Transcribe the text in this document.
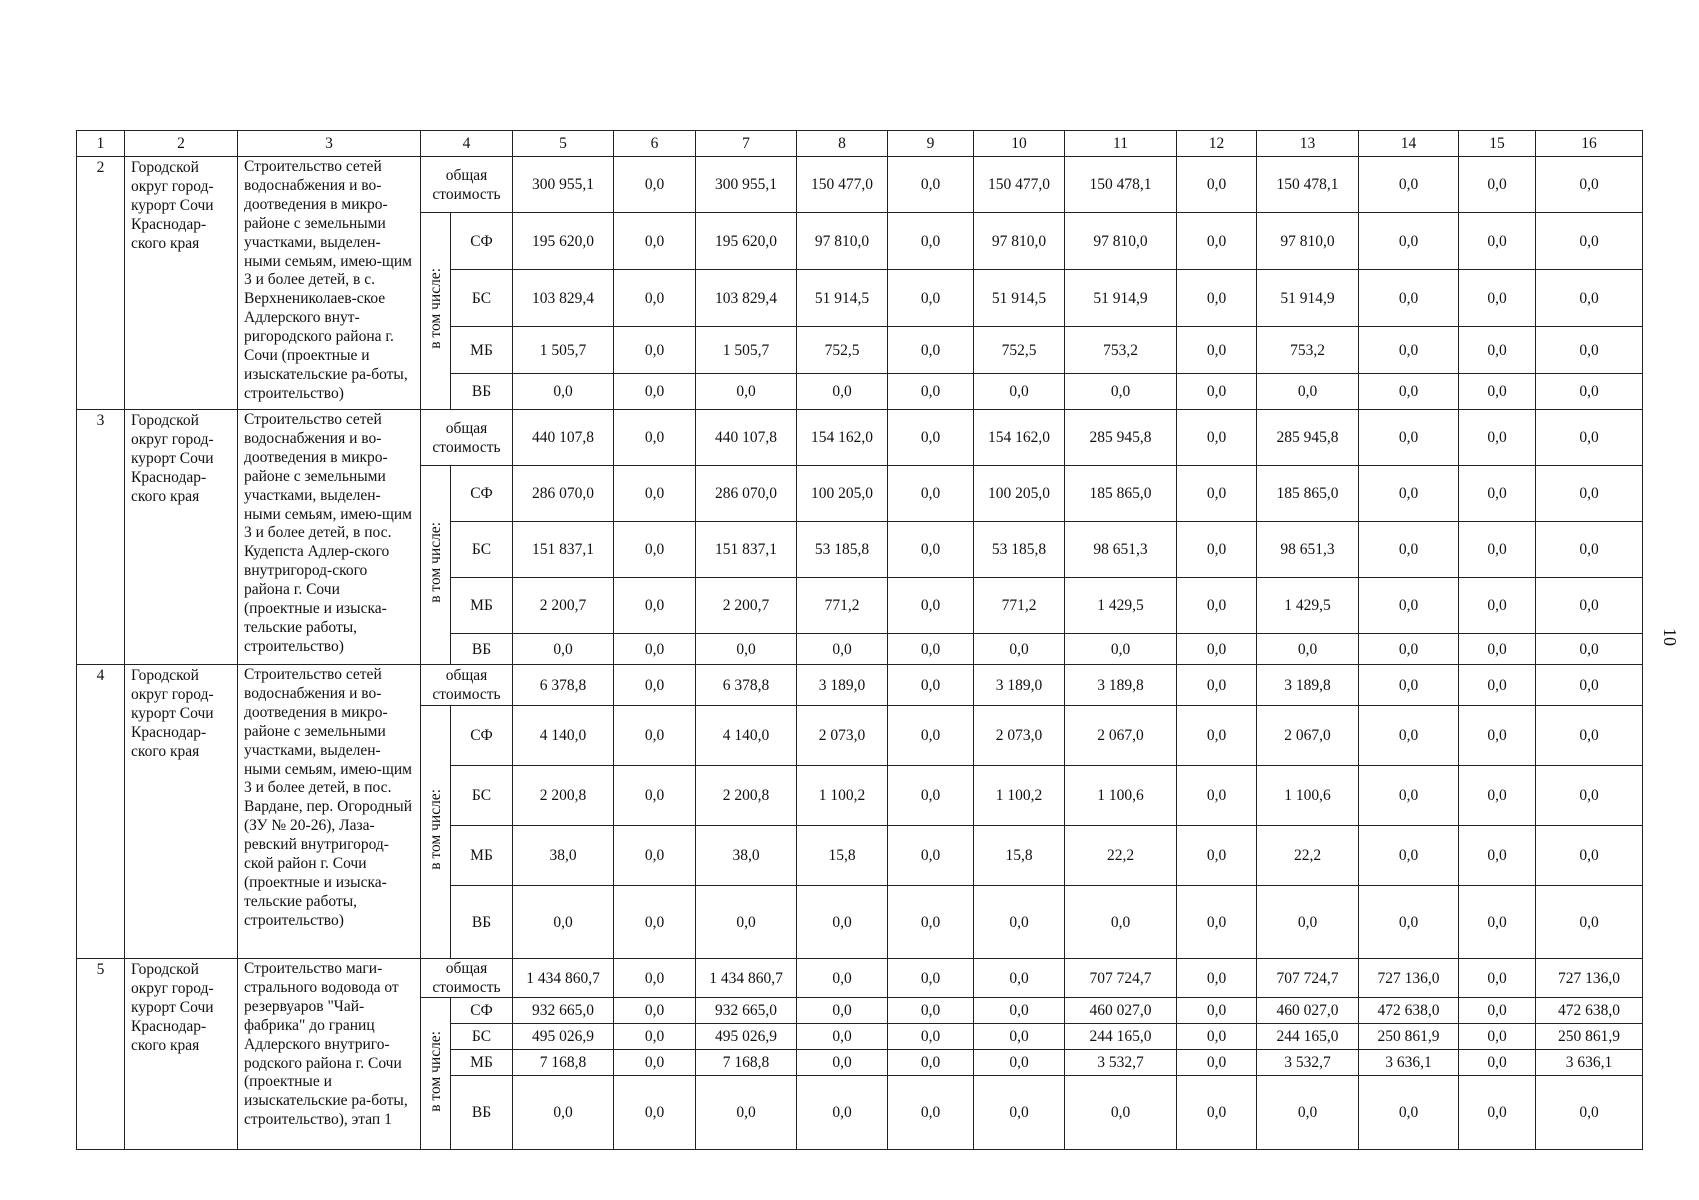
1	2	3	4		5	6	7	8	9	10	11	12	13	14	15	16
2	Городской округ город-курорт Сочи Краснодар-ского края	Строительство сетей водоснабжения и во-доотведения в микро-районе с земельными участками, выделен-ными семьям, имею-щим 3 и более детей, в с. Верхнениколаев-ское Адлерского внут-ригородского района г. Сочи (проектные и изыскательские ра-боты, строительство)	общая стоимость		300 955,1	0,0	300 955,1	150 477,0	0,0	150 477,0	150 478,1	0,0	150 478,1	0,0	0,0	0,0
			в том числе:	СФ	195 620,0	0,0	195 620,0	97 810,0	0,0	97 810,0	97 810,0	0,0	97 810,0	0,0	0,0	0,0
				БС	103 829,4	0,0	103 829,4	51 914,5	0,0	51 914,5	51 914,9	0,0	51 914,9	0,0	0,0	0,0
				МБ	1 505,7	0,0	1 505,7	752,5	0,0	752,5	753,2	0,0	753,2	0,0	0,0	0,0
				ВБ	0,0	0,0	0,0	0,0	0,0	0,0	0,0	0,0	0,0	0,0	0,0	0,0
3	Городской округ город-курорт Сочи Краснодар-ского края	Строительство сетей водоснабжения и во-доотведения в микро-районе с земельными участками, выделен-ными семьям, имею-щим 3 и более детей, в пос. Кудепста Адлер-ского внутригород-ского района г. Сочи (проектные и изыска-тельские работы, строительство)	общая стоимость		440 107,8	0,0	440 107,8	154 162,0	0,0	154 162,0	285 945,8	0,0	285 945,8	0,0	0,0	0,0
			в том числе:	СФ	286 070,0	0,0	286 070,0	100 205,0	0,0	100 205,0	185 865,0	0,0	185 865,0	0,0	0,0	0,0
				БС	151 837,1	0,0	151 837,1	53 185,8	0,0	53 185,8	98 651,3	0,0	98 651,3	0,0	0,0	0,0
				МБ	2 200,7	0,0	2 200,7	771,2	0,0	771,2	1 429,5	0,0	1 429,5	0,0	0,0	0,0
				ВБ	0,0	0,0	0,0	0,0	0,0	0,0	0,0	0,0	0,0	0,0	0,0	0,0
4	Городской округ город-курорт Сочи Краснодар-ского края	Строительство сетей водоснабжения и во-доотведения в микро-районе с земельными участками, выделен-ными семьям, имею-щим 3 и более детей, в пос. Вардане, пер. Огородный (ЗУ № 20-26), Лаза-ревский внутригород-ской район г. Сочи (проектные и изыска-тельские работы, строительство)	общая стоимость		6 378,8	0,0	6 378,8	3 189,0	0,0	3 189,0	3 189,8	0,0	3 189,8	0,0	0,0	0,0
			в том числе:	СФ	4 140,0	0,0	4 140,0	2 073,0	0,0	2 073,0	2 067,0	0,0	2 067,0	0,0	0,0	0,0
				БС	2 200,8	0,0	2 200,8	1 100,2	0,0	1 100,2	1 100,6	0,0	1 100,6	0,0	0,0	0,0
				МБ	38,0	0,0	38,0	15,8	0,0	15,8	22,2	0,0	22,2	0,0	0,0	0,0
				ВБ	0,0	0,0	0,0	0,0	0,0	0,0	0,0	0,0	0,0	0,0	0,0	0,0
5	Городской округ город-курорт Сочи Краснодар-ского края	Строительство маги-стрального водовода от резервуаров "Чай-фабрика" до границ Адлерского внутриго-родского района г. Сочи (проектные и изыскательские ра-боты, строительство), этап 1	общая стоимость		1 434 860,7	0,0	1 434 860,7	0,0	0,0	0,0	707 724,7	0,0	707 724,7	727 136,0	0,0	727 136,0
			в том числе:	СФ	932 665,0	0,0	932 665,0	0,0	0,0	0,0	460 027,0	0,0	460 027,0	472 638,0	0,0	472 638,0
				БС	495 026,9	0,0	495 026,9	0,0	0,0	0,0	244 165,0	0,0	244 165,0	250 861,9	0,0	250 861,9
				МБ	7 168,8	0,0	7 168,8	0,0	0,0	0,0	3 532,7	0,0	3 532,7	3 636,1	0,0	3 636,1
				ВБ	0,0	0,0	0,0	0,0	0,0	0,0	0,0	0,0	0,0	0,0	0,0	0,0
10
